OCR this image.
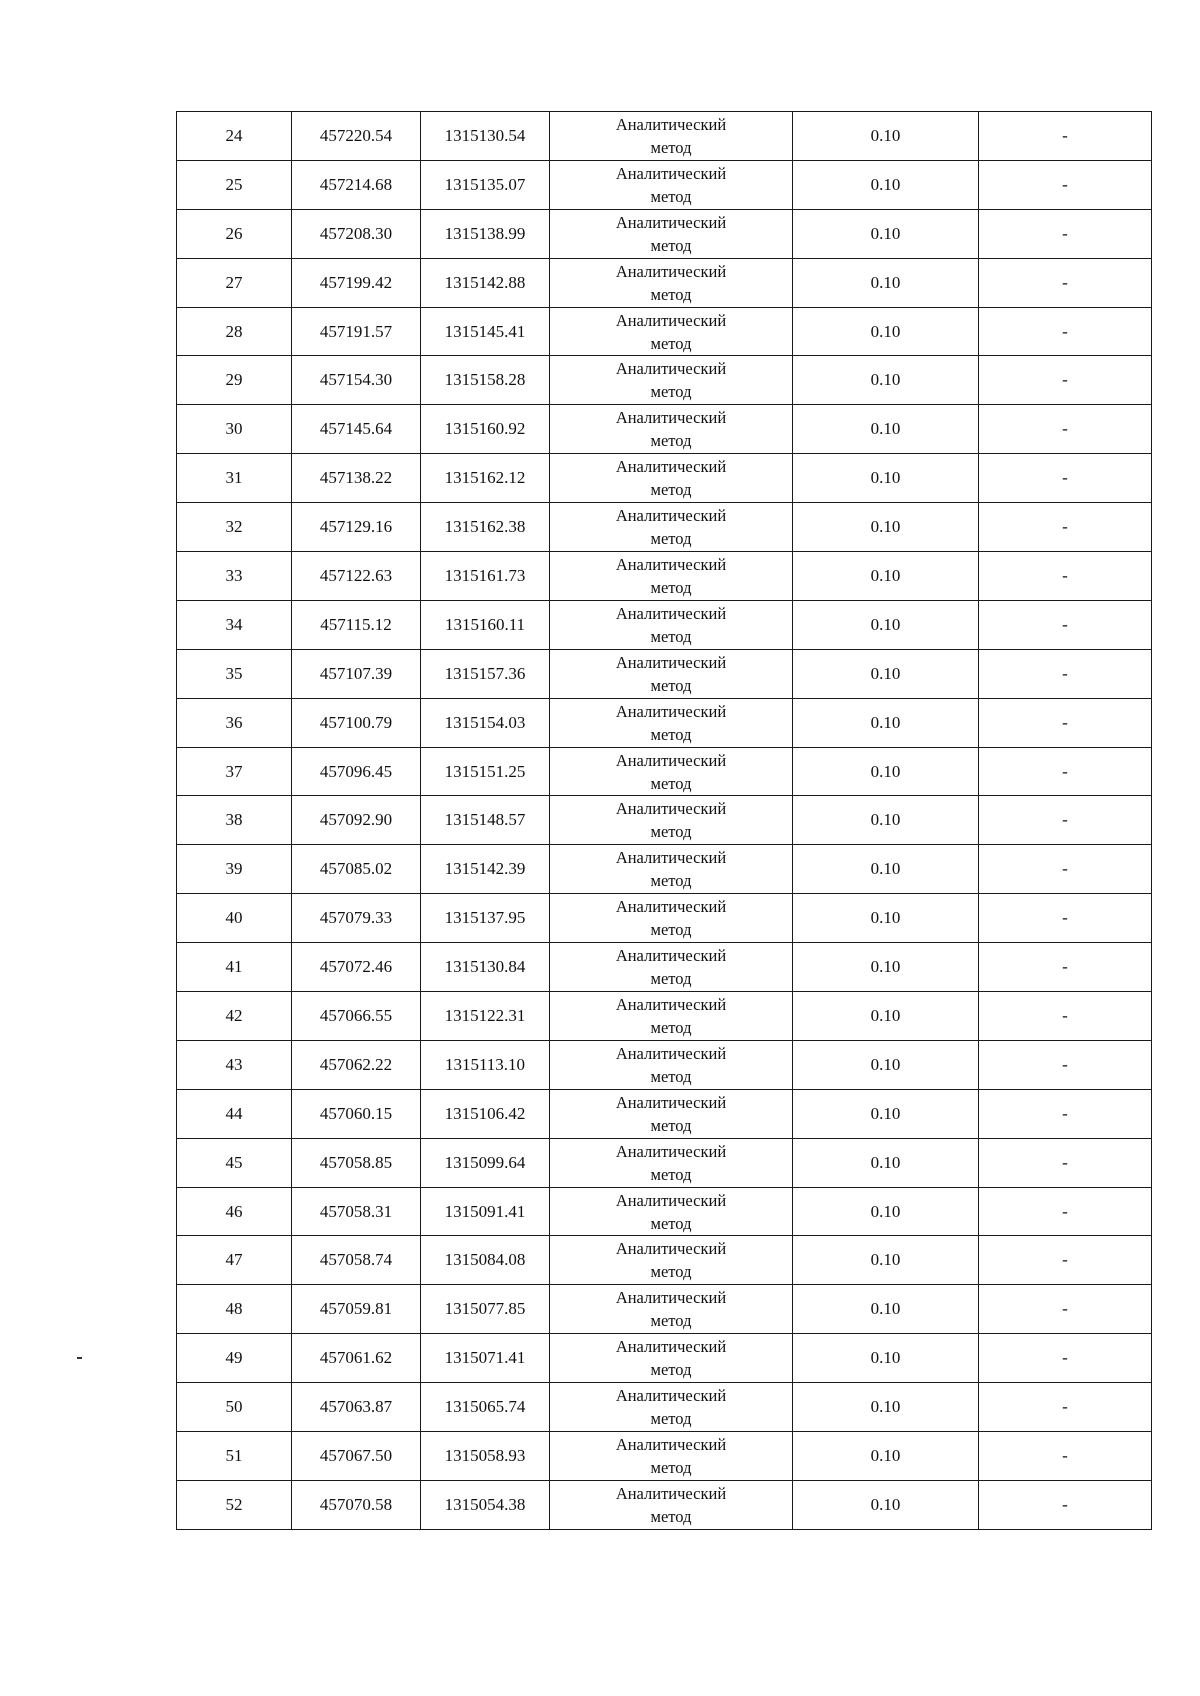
24	457220.54	1315130.54	Аналитический
метод	0.10	-
25	457214.68	1315135.07	Аналитический
метод	0.10	-
26	457208.30	1315138.99	Аналитический
метод	0.10	-
27	457199.42	1315142.88	Аналитический
метод	0.10	-
28	457191.57	1315145.41	Аналитический
метод	0.10	-
29	457154.30	1315158.28	Аналитический
метод	0.10	-
30	457145.64	1315160.92	Аналитический
метод	0.10	-
31	457138.22	1315162.12	Аналитический
метод	0.10	-
32	457129.16	1315162.38	Аналитический
метод	0.10	-
33	457122.63	1315161.73	Аналитический
метод	0.10	-
34	457115.12	1315160.11	Аналитический
метод	0.10	-
35	457107.39	1315157.36	Аналитический
метод	0.10	-
36	457100.79	1315154.03	Аналитический
метод	0.10	-
37	457096.45	1315151.25	Аналитический
метод	0.10	-
38	457092.90	1315148.57	Аналитический
метод	0.10	-
39	457085.02	1315142.39	Аналитический
метод	0.10	-
40	457079.33	1315137.95	Аналитический
метод	0.10	-
41	457072.46	1315130.84	Аналитический
метод	0.10	-
42	457066.55	1315122.31	Аналитический
метод	0.10	-
43	457062.22	1315113.10	Аналитический
метод	0.10	-
44	457060.15	1315106.42	Аналитический
метод	0.10	-
45	457058.85	1315099.64	Аналитический
метод	0.10	-
46	457058.31	1315091.41	Аналитический
метод	0.10	-
47	457058.74	1315084.08	Аналитический
метод	0.10	-
48	457059.81	1315077.85	Аналитический
метод	0.10	-
49	457061.62	1315071.41	Аналитический
метод	0.10	-
50	457063.87	1315065.74	Аналитический
метод	0.10	-
51	457067.50	1315058.93	Аналитический
метод	0.10	-
52	457070.58	1315054.38	Аналитический
метод	0.10	-
